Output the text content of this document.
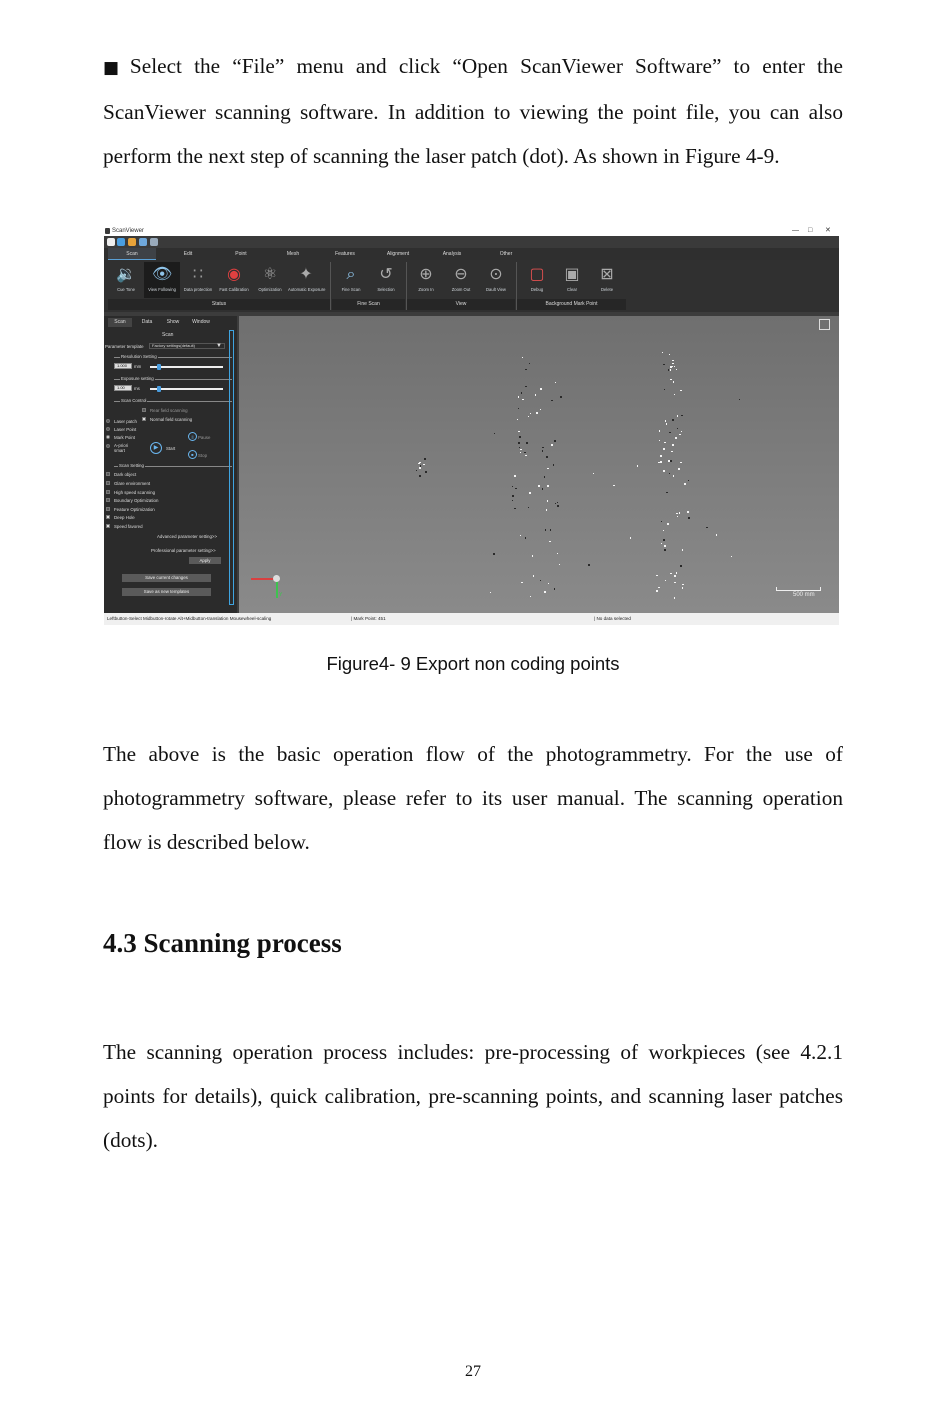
■ Select the “File” menu and click “Open ScanViewer Software” to enter the ScanViewer scanning software. In addition to viewing the point file, you can also perform the next step of scanning the laser patch (dot). As shown in Figure 4-9.

ScanViewer	— □ ✕
Scan	Edit	Point	Mesh	Features	Alignment	Analysis	Other
🔉
Cue Tone
👁
View Following
∷
Data protection
◉
Fast Calibration
⚛
Optimization
✦
Automatic Exposure
⌕
Fine Scan
↺
Selection
⊕
Zoom In
⊖
Zoom Out
⊙
Dault View
▢
Debug
▣
Clear
⊠
Delete
Status	Fine Scan	View	Background Mark Point
Scan	Data	Show	Window
Scan
Parameter template	Factory settings(default)	▼
Resolution Setting
1.000	mm
Exposure setting
1.00	ms
Scan Control
Rear field scanning
Normal field scanning
Laser patch
Laser Point
Mark Point
A-priori smart
||	Pause
▶	Start
■ Stop
Scan Setting
Dark object
Glare environment
High speed scanning
Boundary Optimization
Feature Optimization
Deep Hole
Speed favored
Advanced parameter setting>>
Professional parameter setting>>
Apply
Save current changes
Save as new templates
Y	500 mm
Leftbutton-Select Midbutton-rotate Alt+Midbutton-translation Mousewheel-scaling	| Mark Point: 451	| No data selected
Figure4- 9 Export non coding points

The above is the basic operation flow of the photogrammetry. For the use of photogrammetry software, please refer to its user manual. The scanning operation flow is described below.

4.3 Scanning process

The scanning operation process includes: pre-processing of workpieces (see 4.2.1 points for details), quick calibration, pre-scanning points, and scanning laser patches (dots).

27
